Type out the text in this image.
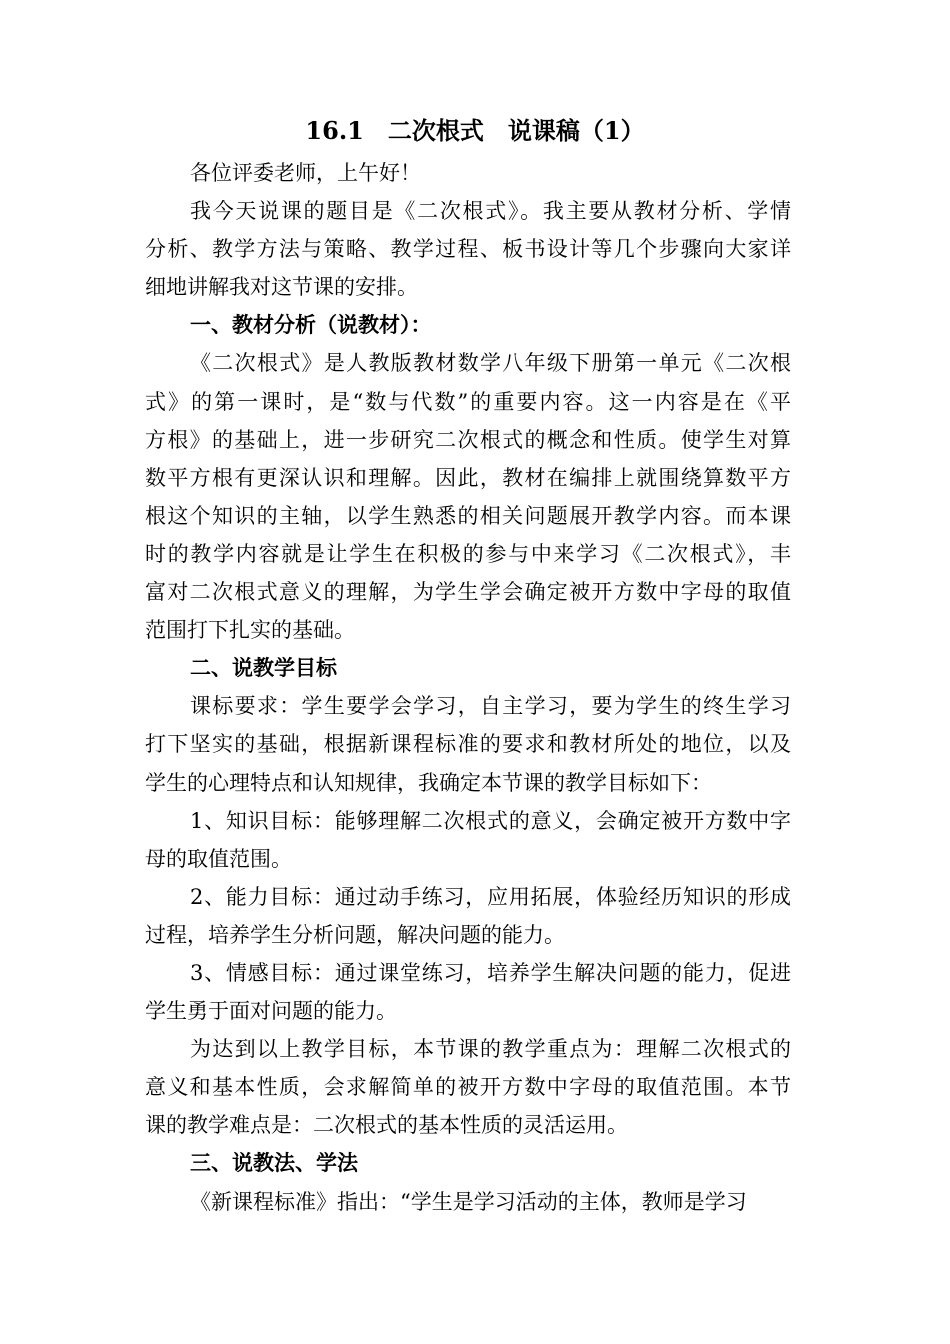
16.1　二次根式　说课稿（1）
各位评委老师，上午好！
我今天说课的题目是《二次根式》。我主要从教材分析、学情
分析、教学方法与策略、教学过程、板书设计等几个步骤向大家详
细地讲解我对这节课的安排。
一、教材分析（说教材）：
《二次根式》是人教版教材数学八年级下册第一单元《二次根
式》的第一课时，是“数与代数”的重要内容。这一内容是在《平
方根》的基础上，进一步研究二次根式的概念和性质。使学生对算
数平方根有更深认识和理解。因此，教材在编排上就围绕算数平方
根这个知识的主轴，以学生熟悉的相关问题展开教学内容。而本课
时的教学内容就是让学生在积极的参与中来学习《二次根式》，丰
富对二次根式意义的理解，为学生学会确定被开方数中字母的取值
范围打下扎实的基础。
二、说教学目标
课标要求：学生要学会学习，自主学习，要为学生的终生学习
打下坚实的基础，根据新课程标准的要求和教材所处的地位，以及
学生的心理特点和认知规律，我确定本节课的教学目标如下：
1、知识目标：能够理解二次根式的意义，会确定被开方数中字
母的取值范围。
2、能力目标：通过动手练习，应用拓展，体验经历知识的形成
过程，培养学生分析问题，解决问题的能力。
3、情感目标：通过课堂练习，培养学生解决问题的能力，促进
学生勇于面对问题的能力。
为达到以上教学目标，本节课的教学重点为：理解二次根式的
意义和基本性质，会求解简单的被开方数中字母的取值范围。本节
课的教学难点是：二次根式的基本性质的灵活运用。
三、说教法、学法
《新课程标准》指出：“学生是学习活动的主体，教师是学习
